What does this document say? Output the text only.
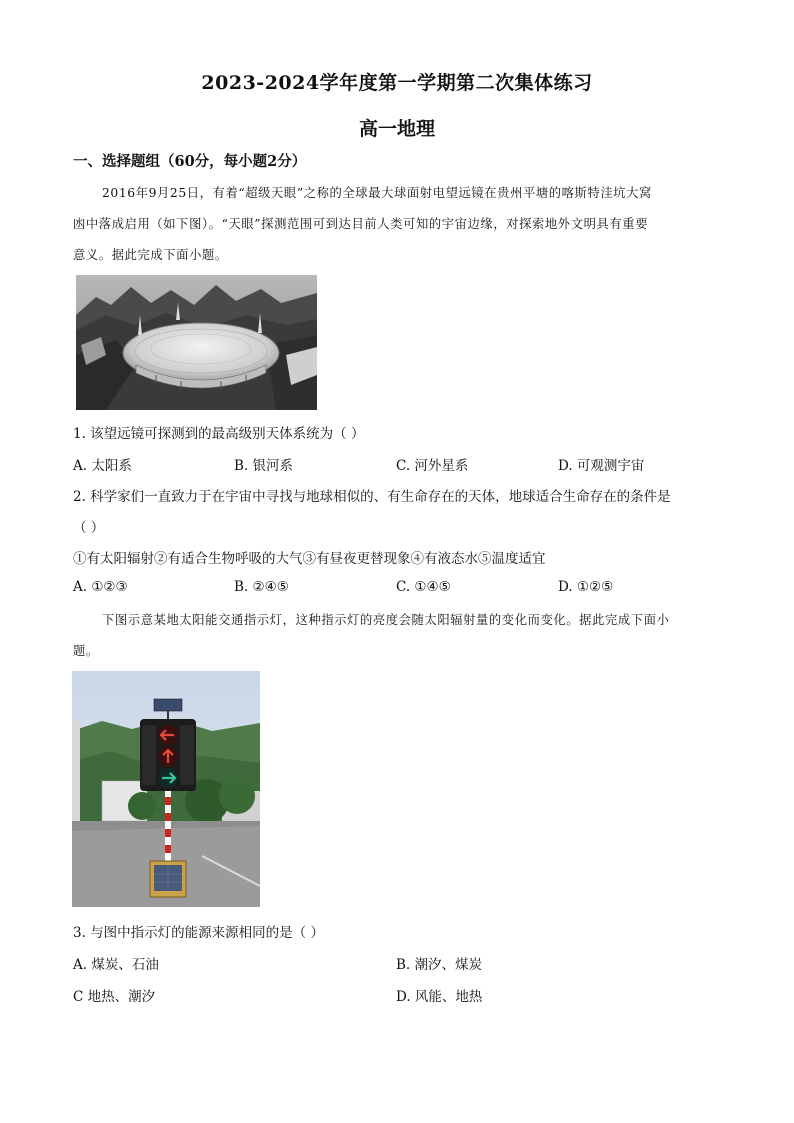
2023-2024学年度第一学期第二次集体练习
高一地理
一、选择题组（60分，每小题2分）
2016年9月25日，有着“超级天眼”之称的全球最大球面射电望远镜在贵州平塘的喀斯特洼坑大窝
凼中落成启用（如下图）。“天眼”探测范围可到达目前人类可知的宇宙边缘，对探索地外文明具有重要
意义。据此完成下面小题。
1. 该望远镜可探测到的最高级别天体系统为（ ）
A. 太阳系	B. 银河系	C. 河外星系	D. 可观测宇宙
2. 科学家们一直致力于在宇宙中寻找与地球相似的、有生命存在的天体，地球适合生命存在的条件是
（ ）
①有太阳辐射②有适合生物呼吸的大气③有昼夜更替现象④有液态水⑤温度适宜
A. ①②③	B. ②④⑤	C. ①④⑤	D. ①②⑤
下图示意某地太阳能交通指示灯，这种指示灯的亮度会随太阳辐射量的变化而变化。据此完成下面小
题。
3. 与图中指示灯的能源来源相同的是（ ）
A. 煤炭、石油	B. 潮汐、煤炭
C 地热、潮汐	D. 风能、地热
